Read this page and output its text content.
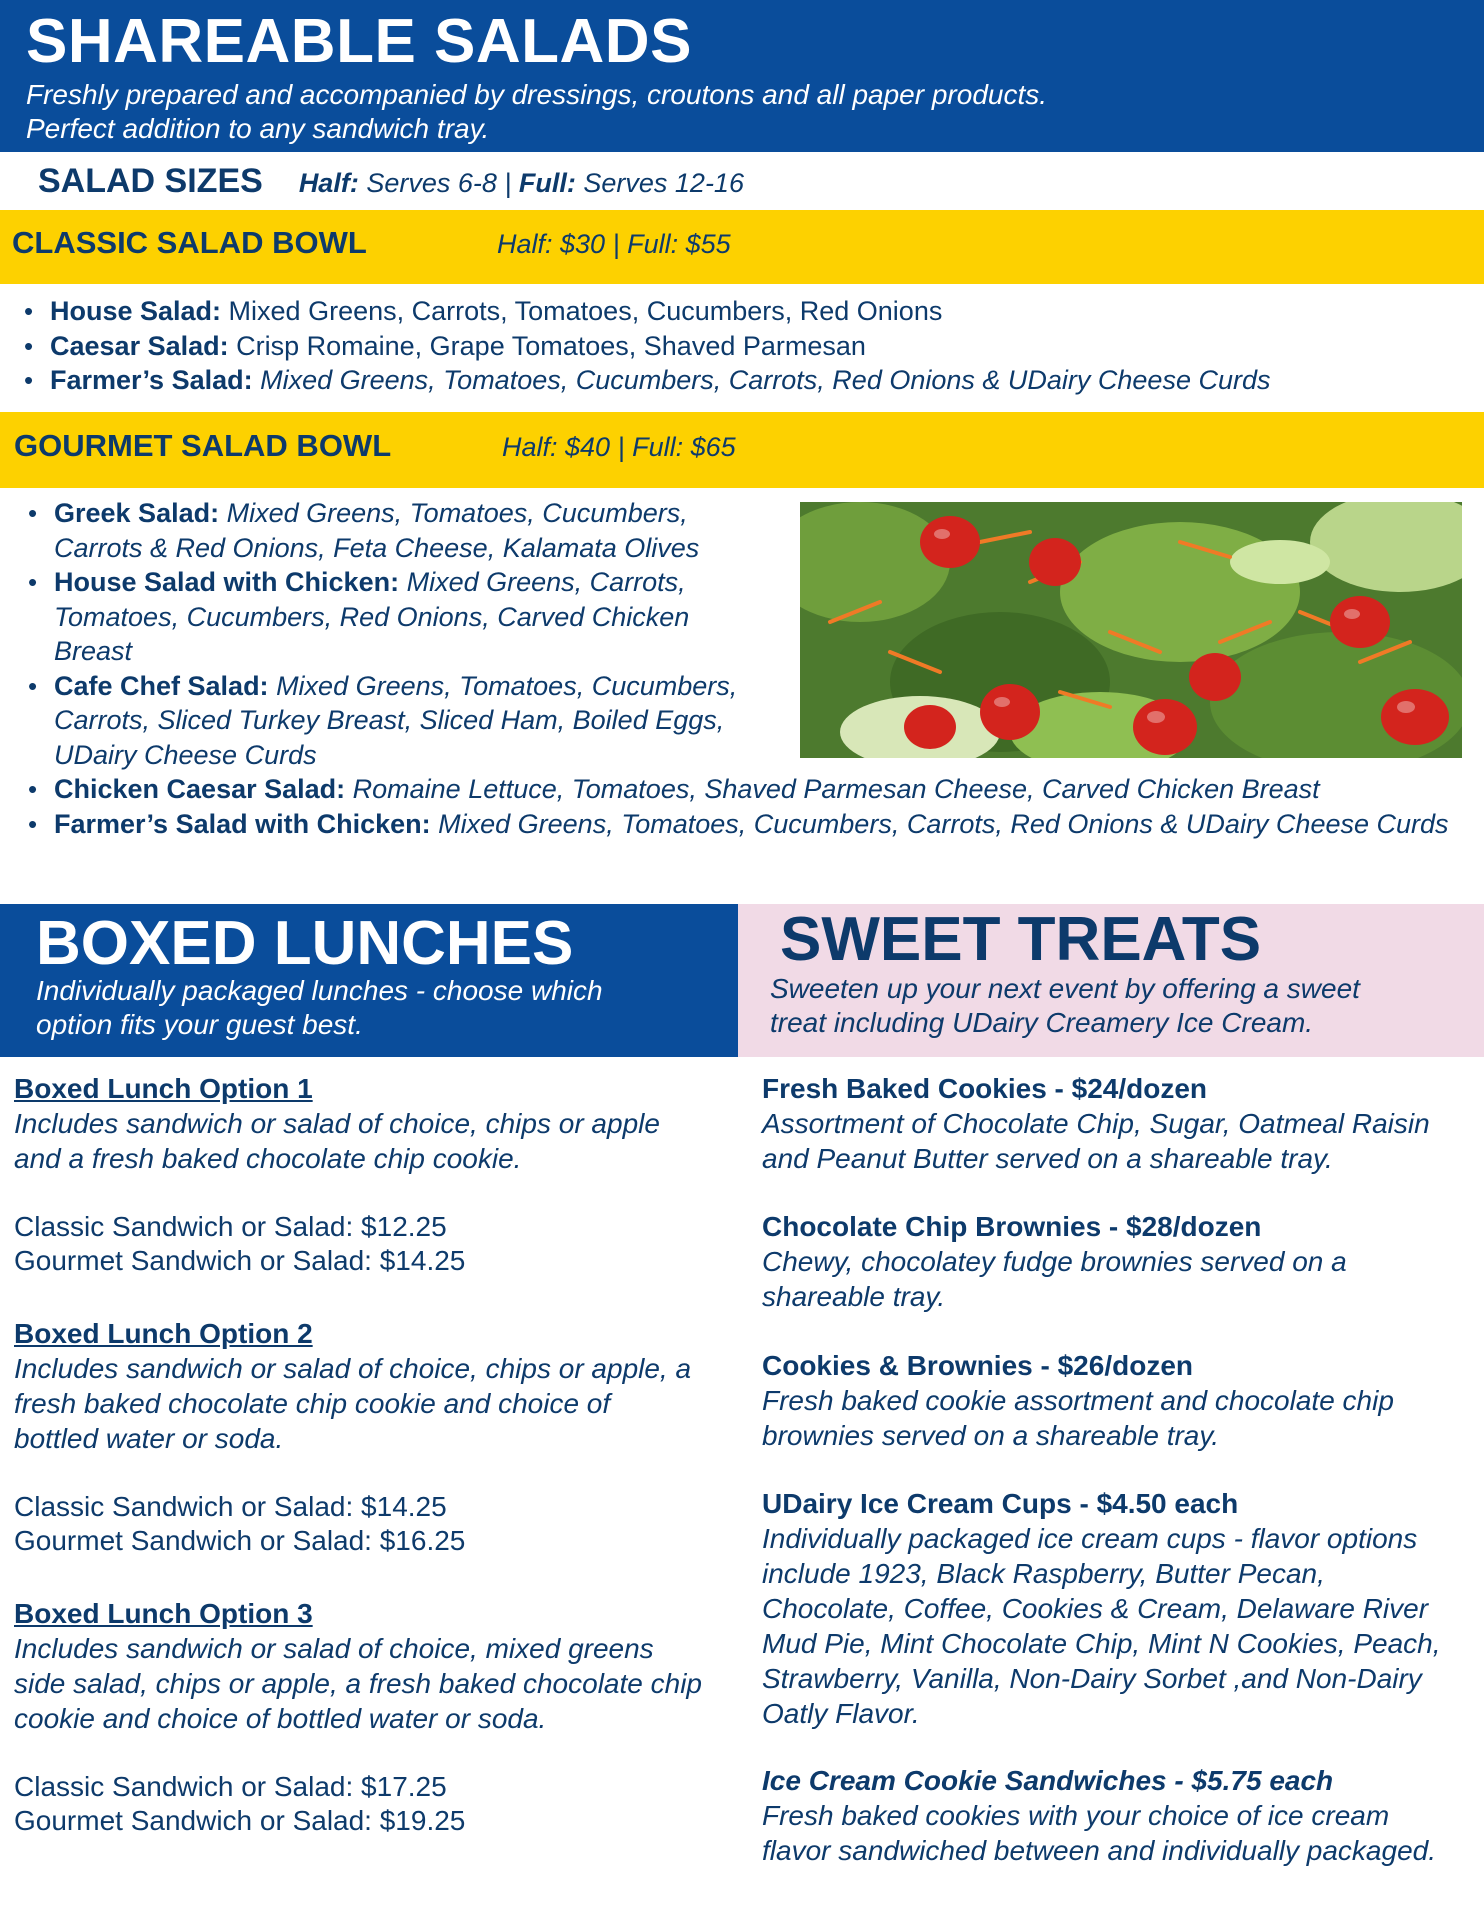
SHAREABLE SALADS
Freshly prepared and accompanied by dressings, croutons and all paper products.
Perfect addition to any sandwich tray.
SALAD SIZES Half: Serves 6-8 | Full: Serves 12-16
CLASSIC SALAD BOWL	Half: $30 | Full: $55
• House Salad: Mixed Greens, Carrots, Tomatoes, Cucumbers, Red Onions
• Caesar Salad: Crisp Romaine, Grape Tomatoes, Shaved Parmesan
• Farmer’s Salad: Mixed Greens, Tomatoes, Cucumbers, Carrots, Red Onions & UDairy Cheese Curds
GOURMET SALAD BOWL	Half: $40 | Full: $65
• Greek Salad: Mixed Greens, Tomatoes, Cucumbers, Carrots & Red Onions, Feta Cheese, Kalamata Olives
• House Salad with Chicken: Mixed Greens, Carrots, Tomatoes, Cucumbers, Red Onions, Carved Chicken Breast
• Cafe Chef Salad: Mixed Greens, Tomatoes, Cucumbers, Carrots, Sliced Turkey Breast, Sliced Ham, Boiled Eggs, UDairy Cheese Curds
• Chicken Caesar Salad: Romaine Lettuce, Tomatoes, Shaved Parmesan Cheese, Carved Chicken Breast
• Farmer’s Salad with Chicken: Mixed Greens, Tomatoes, Cucumbers, Carrots, Red Onions & UDairy Cheese Curds
BOXED LUNCHES
Individually packaged lunches - choose which
option fits your guest best.
SWEET TREATS
Sweeten up your next event by offering a sweet
treat including UDairy Creamery Ice Cream.
Boxed Lunch Option 1
Includes sandwich or salad of choice, chips or apple
and a fresh baked chocolate chip cookie.
Classic Sandwich or Salad: $12.25
Gourmet Sandwich or Salad: $14.25
Boxed Lunch Option 2
Includes sandwich or salad of choice, chips or apple, a
fresh baked chocolate chip cookie and choice of
bottled water or soda.
Classic Sandwich or Salad: $14.25
Gourmet Sandwich or Salad: $16.25
Boxed Lunch Option 3
Includes sandwich or salad of choice, mixed greens
side salad, chips or apple, a fresh baked chocolate chip
cookie and choice of bottled water or soda.
Classic Sandwich or Salad: $17.25
Gourmet Sandwich or Salad: $19.25
Fresh Baked Cookies - $24/dozen
Assortment of Chocolate Chip, Sugar, Oatmeal Raisin
and Peanut Butter served on a shareable tray.
Chocolate Chip Brownies - $28/dozen
Chewy, chocolatey fudge brownies served on a
shareable tray.
Cookies & Brownies - $26/dozen
Fresh baked cookie assortment and chocolate chip
brownies served on a shareable tray.
UDairy Ice Cream Cups - $4.50 each
Individually packaged ice cream cups - flavor options
include 1923, Black Raspberry, Butter Pecan,
Chocolate, Coffee, Cookies & Cream, Delaware River
Mud Pie, Mint Chocolate Chip, Mint N Cookies, Peach,
Strawberry, Vanilla, Non-Dairy Sorbet ,and Non-Dairy
Oatly Flavor.
Ice Cream Cookie Sandwiches - $5.75 each
Fresh baked cookies with your choice of ice cream
flavor sandwiched between and individually packaged.
